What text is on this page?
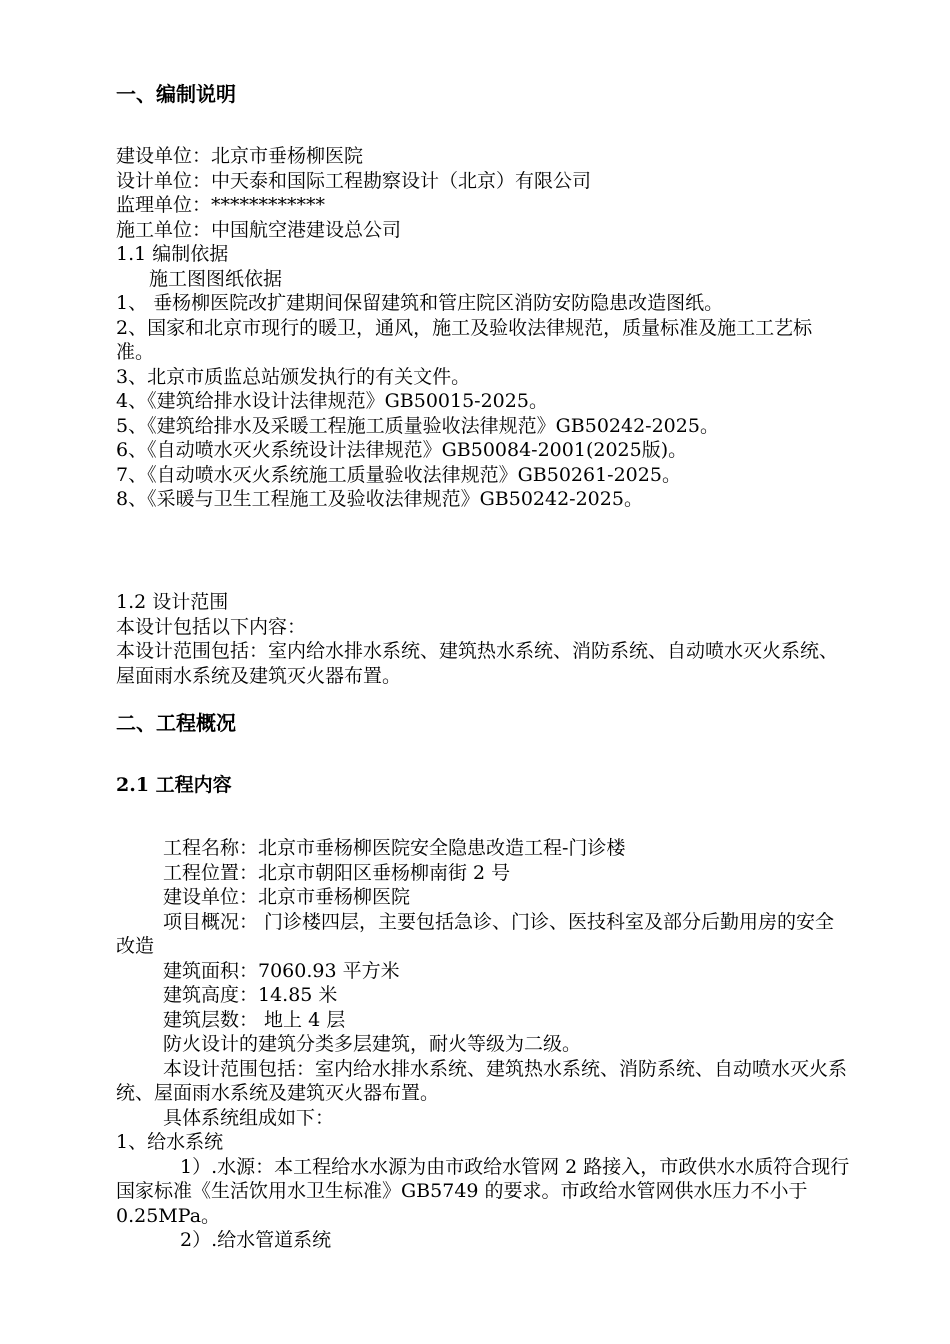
一、编制说明
建设单位：北京市垂杨柳医院
设计单位：中天泰和国际工程勘察设计（北京）有限公司
监理单位：************
施工单位：中国航空港建设总公司
1.1 编制依据
施工图图纸依据
1、 垂杨柳医院改扩建期间保留建筑和管庄院区消防安防隐患改造图纸。
2、国家和北京市现行的暖卫，通风，施工及验收法律规范，质量标准及施工工艺标准。
3、北京市质监总站颁发执行的有关文件。
4、《建筑给排水设计法律规范》GB50015-2025。
5、《建筑给排水及采暖工程施工质量验收法律规范》GB50242-2025。
6、《自动喷水灭火系统设计法律规范》GB50084-2001(2025版)。
7、《自动喷水灭火系统施工质量验收法律规范》GB50261-2025。
8、《采暖与卫生工程施工及验收法律规范》GB50242-2025。
1.2 设计范围
本设计包括以下内容：
本设计范围包括：室内给水排水系统、建筑热水系统、消防系统、自动喷水灭火系统、屋面雨水系统及建筑灭火器布置。
二、工程概况
2.1 工程内容
工程名称：北京市垂杨柳医院安全隐患改造工程-门诊楼
工程位置：北京市朝阳区垂杨柳南街 2 号
建设单位：北京市垂杨柳医院
项目概况： 门诊楼四层，主要包括急诊、门诊、医技科室及部分后勤用房的安全改造
建筑面积：7060.93 平方米
建筑高度：14.85 米
建筑层数： 地上 4 层
防火设计的建筑分类多层建筑，耐火等级为二级。
本设计范围包括：室内给水排水系统、建筑热水系统、消防系统、自动喷水灭火系统、屋面雨水系统及建筑灭火器布置。
具体系统组成如下：
1、给水系统
1）.水源：本工程给水水源为由市政给水管网 2 路接入，市政供水水质符合现行国家标准《生活饮用水卫生标准》GB5749 的要求。市政给水管网供水压力不小于 0.25MPa。
2）.给水管道系统
